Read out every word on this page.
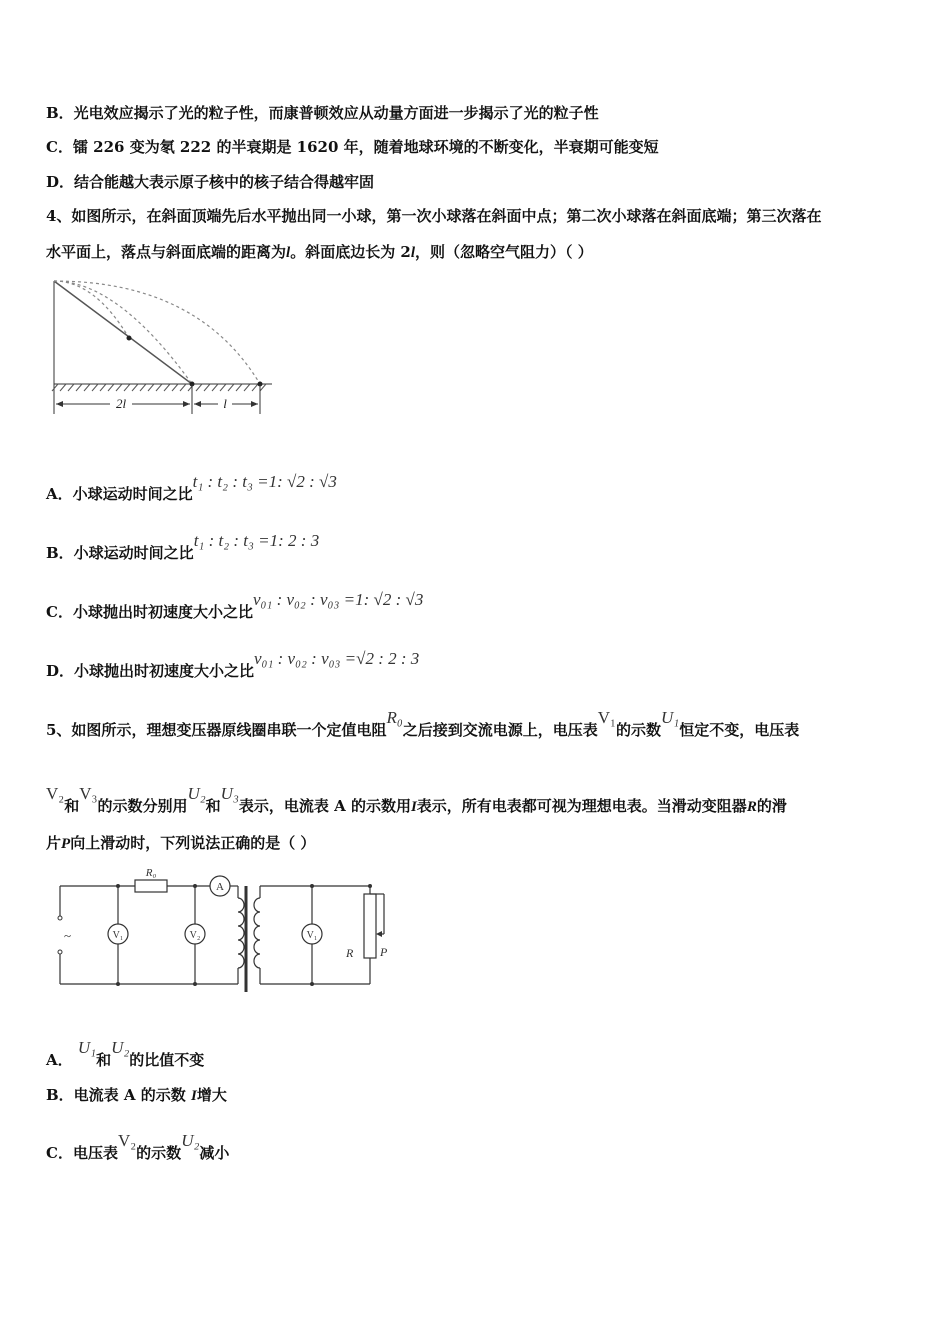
B．光电效应揭示了光的粒子性，而康普顿效应从动量方面进一步揭示了光的粒子性
C．镭 226 变为氡 222 的半衰期是 1620 年，随着地球环境的不断变化，半衰期可能变短
D．结合能越大表示原子核中的核子结合得越牢固
4、如图所示，在斜面顶端先后水平抛出同一小球，第一次小球落在斜面中点；第二次小球落在斜面底端；第三次落在
水平面上，落点与斜面底端的距离为l。斜面底边长为 2l，则（忽略空气阻力）（ ）
2l	l
A．小球运动时间之比t₁ : t₂ : t₃ =1: √2 : √3
B．小球运动时间之比t₁ : t₂ : t₃ =1: 2 : 3
C．小球抛出时初速度大小之比v₀₁ : v₀₂ : v₀₃ =1: √2 : √3
D．小球抛出时初速度大小之比v₀₁ : v₀₂ : v₀₃ =√2 : 2 : 3
5、如图所示，理想变压器原线圈串联一个定值电阻R₀之后接到交流电源上，电压表V₁的示数U₁恒定不变，电压表
V₂和V₃的示数分别用U₂和U₃表示，电流表 A 的示数用I表示，所有电表都可视为理想电表。当滑动变阻器R的滑
片P向上滑动时，下列说法正确的是（ ）
~
R₀
A
V₁	V₂	V₁
R P
A． U₁和U₂的比值不变
B．电流表 A 的示数 I增大
C．电压表V₂的示数U₂减小
